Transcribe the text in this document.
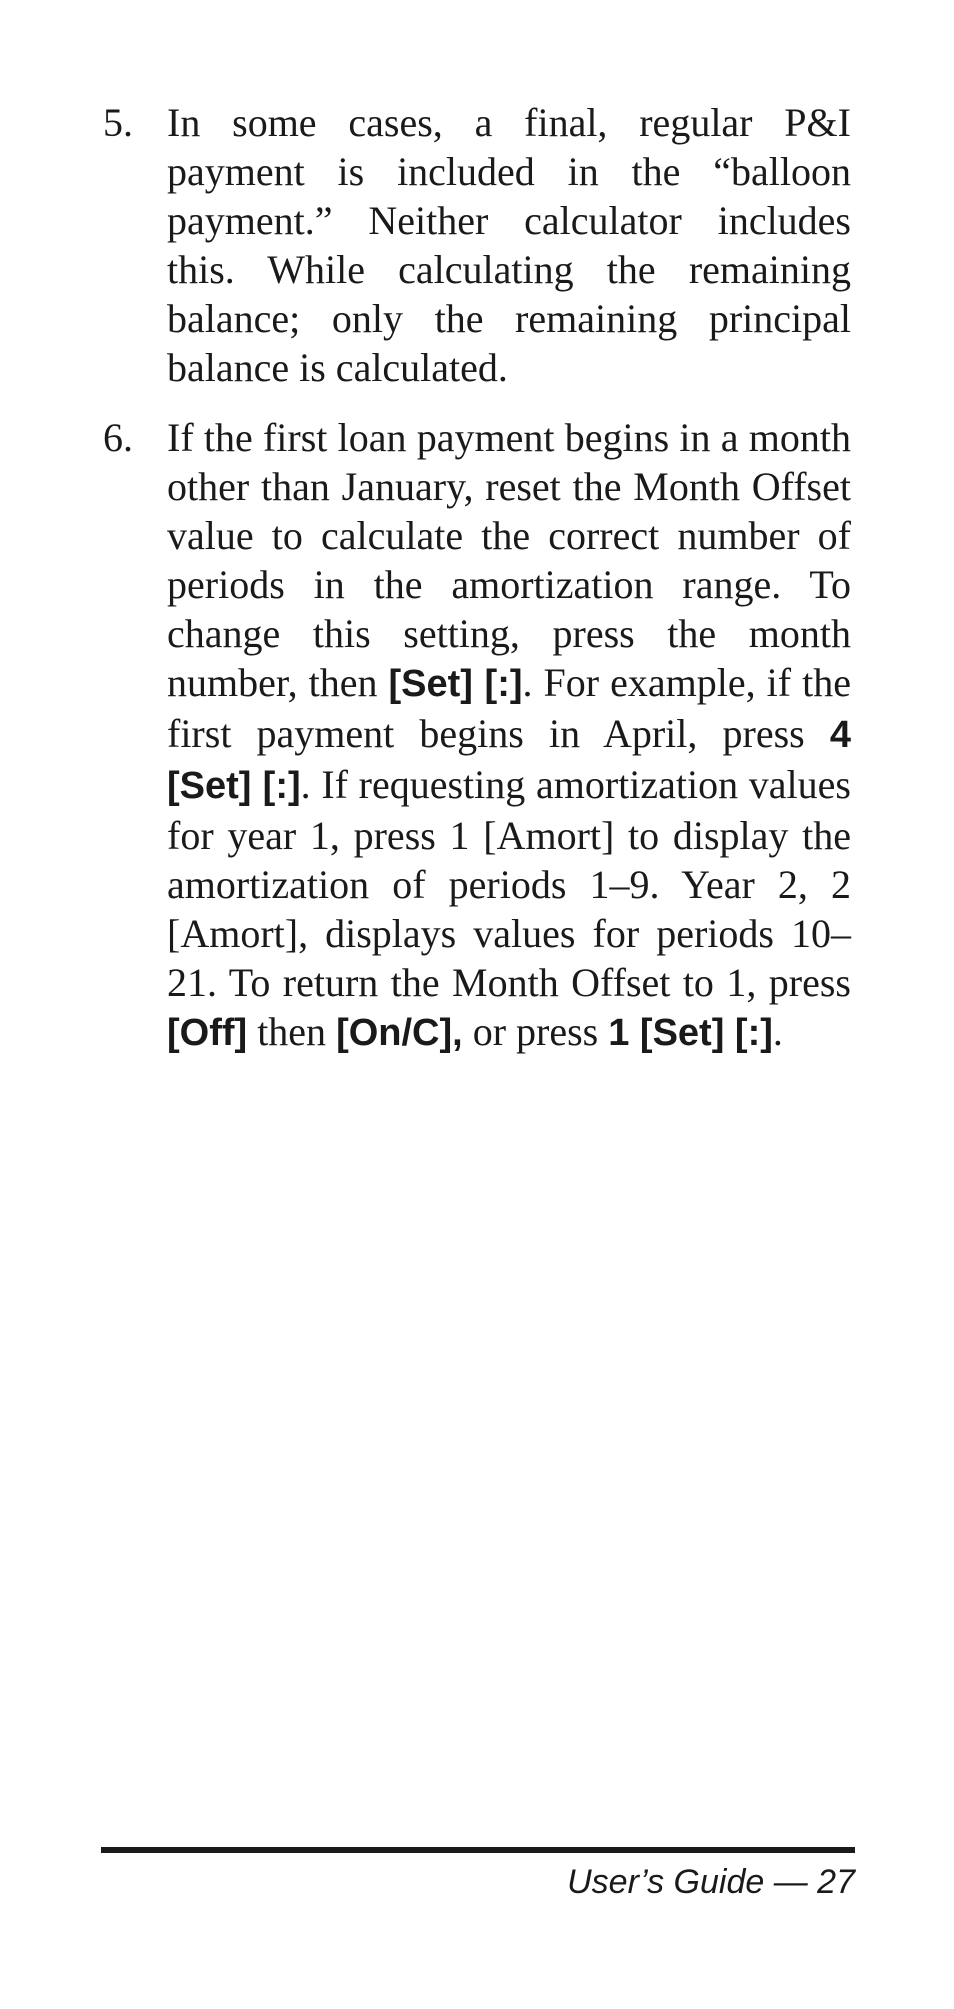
5. In some cases, a final, regular P&I payment is included in the “balloon payment.” Neither calculator includes this. While calculating the remaining balance; only the remaining principal balance is calculated.
6. If the first loan payment begins in a month other than January, reset the Month Offset value to calculate the correct number of periods in the amortization range. To change this setting, press the month number, then [Set] [:]. For example, if the first payment begins in April, press 4 [Set] [:]. If requesting amortization values for year 1, press 1 [Amort] to display the amortization of periods 1–9. Year 2, 2 [Amort], displays values for periods 10–21. To return the Month Offset to 1, press [Off] then [On/C], or press 1 [Set] [:].
User’s Guide — 27
